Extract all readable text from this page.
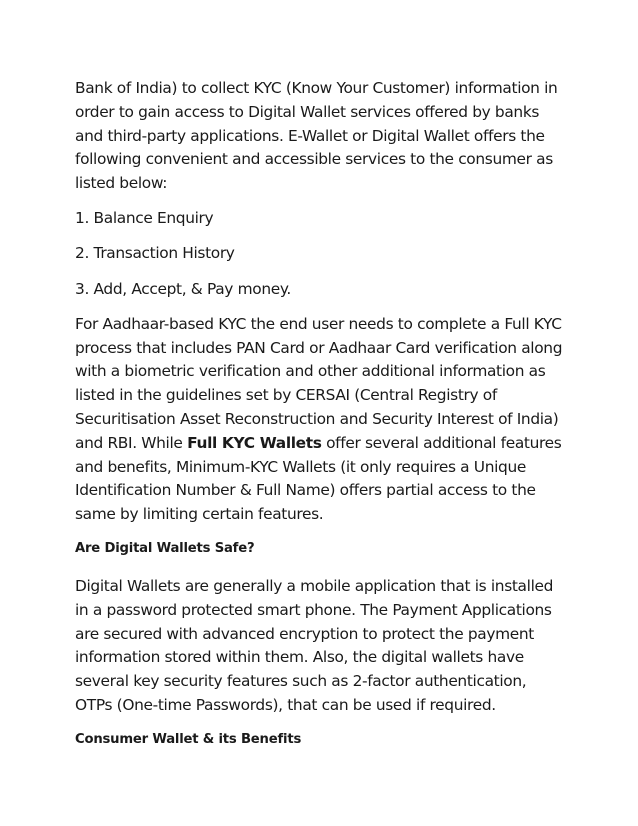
Bank of India) to collect KYC (Know Your Customer) information in order to gain access to Digital Wallet services offered by banks and third-party applications. E-Wallet or Digital Wallet offers the following convenient and accessible services to the consumer as listed below:

1. Balance Enquiry

2. Transaction History

3. Add, Accept, & Pay money.

For Aadhaar-based KYC the end user needs to complete a Full KYC process that includes PAN Card or Aadhaar Card verification along with a biometric verification and other additional information as listed in the guidelines set by CERSAI (Central Registry of Securitisation Asset Reconstruction and Security Interest of India) and RBI. While Full KYC Wallets offer several additional features and benefits, Minimum-KYC Wallets (it only requires a Unique Identification Number & Full Name) offers partial access to the same by limiting certain features.

Are Digital Wallets Safe?

Digital Wallets are generally a mobile application that is installed in a password protected smart phone. The Payment Applications are secured with advanced encryption to protect the payment information stored within them. Also, the digital wallets have several key security features such as 2-factor authentication, OTPs (One-time Passwords), that can be used if required.

Consumer Wallet & its Benefits
